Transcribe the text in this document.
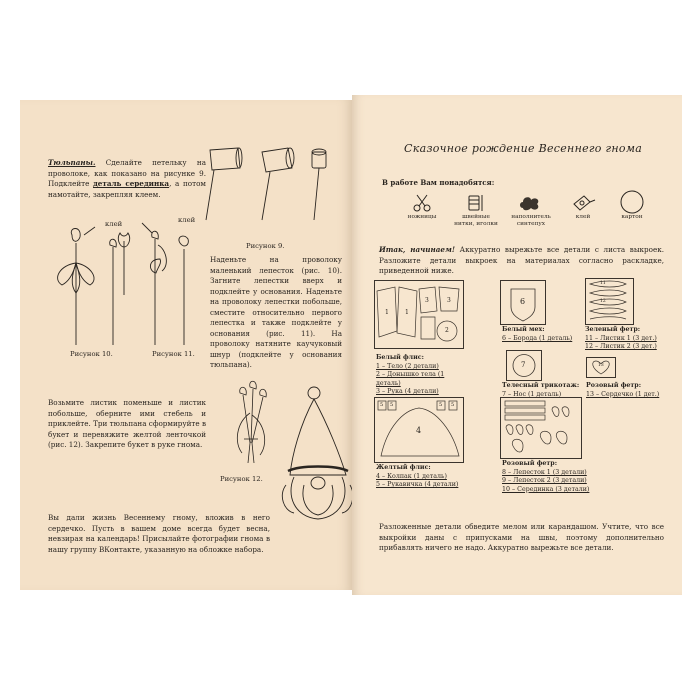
Тюльпаны. Сделайте петельку на проволоке, как показано на рисунке 9. Подклейте деталь серединка, а потом намотайте, закрепляя клеем.
Рисунок 9.
Наденьте на проволоку маленький лепесток (рис. 10). Загните лепестки вверх и подклейте у основания. Наденьте на проволоку лепестки побольше, сместите относительно первого лепестка и также подклейте у основания (рис. 11). На проволоку натяните каучуковый шнур (подклейте у основания тюльпана).
клей	клей
Рисунок 10.	Рисунок 11.
Возьмите листик поменьше и листик побольше, оберните ими стебель и приклейте. Три тюльпана сформируйте в букет и перевяжите желтой ленточкой (рис. 12). Закрепите букет в руке гнома.
Рисунок 12.
Вы дали жизнь Весеннему гному, вложив в него сердечко. Пусть в вашем доме всегда будет весна, невзирая на календарь! Присылайте фотографии гнома в нашу группу ВКонтакте, указанную на обложке набора.
Сказочное рождение Весеннего гнома
В работе Вам понадобятся:
ножницы	швейные нитки, иголки
наполнитель синтепух
клей	картон
Итак, начинаем! Аккуратно вырежьте все детали с листа выкроек. Разложите детали выкроек на материалах согласно раскладке, приведенной ниже.
1	1
3	3
2
Белый флис:
1 – Тело (2 детали)
2 – Донышко тела (1 деталь)
3 – Рука (4 детали)
6
Белый мех:
6 – Борода (1 деталь)
11
12
Зеленый фетр:
11 – Листик 1 (3 дет.)
12 – Листик 2 (3 дет.)
7
Телесный трикотаж:
7 – Нос (1 деталь)
13
Розовый фетр:
13 – Сердечко (1 дет.)
5 5	5 5
4
Желтый флис:
4 – Колпак (1 деталь)
5 – Рукавичка (4 детали)
Розовый фетр:
8 – Лепесток 1 (3 детали)
9 – Лепесток 2 (3 детали)
10 – Серединка (3 детали)
Разложенные детали обведите мелом или карандашом. Учтите, что все выкройки даны с припусками на швы, поэтому дополнительно прибавлять ничего не надо. Аккуратно вырежьте все детали.
